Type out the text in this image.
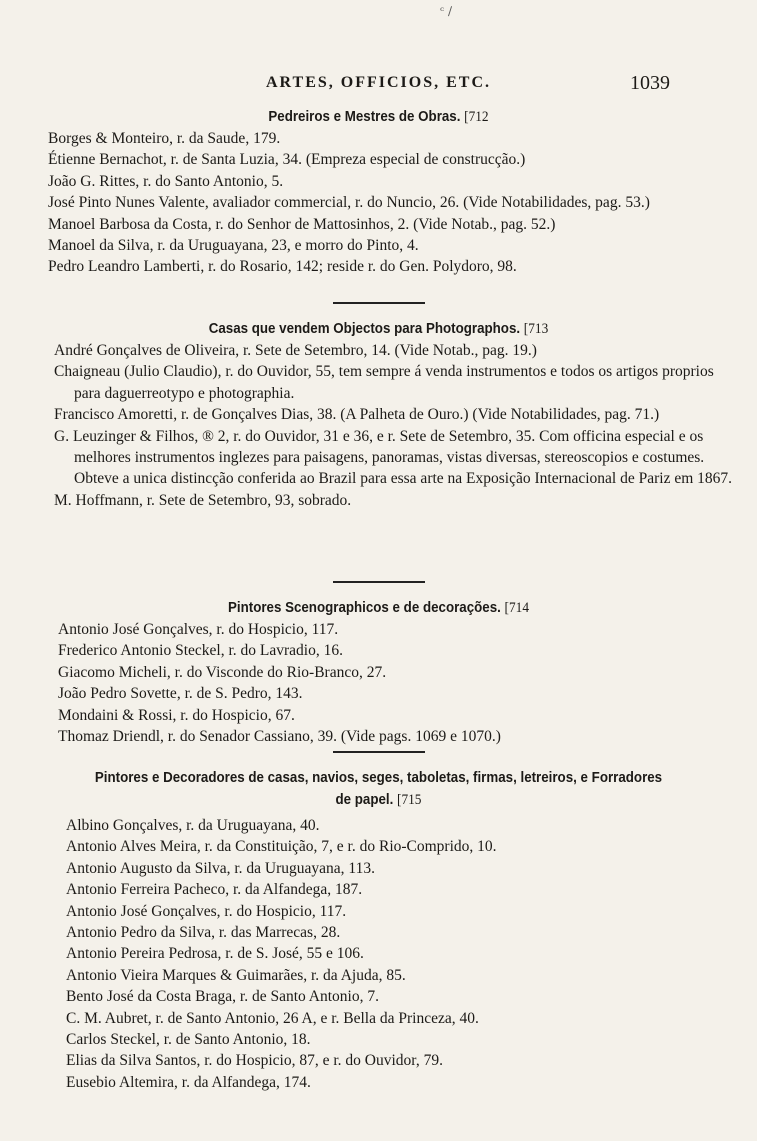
ᶜ ∕
ARTES, OFFICIOS, ETC.	1039
Pedreiros e Mestres de Obras. [712
Borges & Monteiro, r. da Saude, 179.
Étienne Bernachot, r. de Santa Luzia, 34. (Empreza especial de construcção.)
João G. Rittes, r. do Santo Antonio, 5.
José Pinto Nunes Valente, avaliador commercial, r. do Nuncio, 26. (Vide Notabilidades, pag. 53.)
Manoel Barbosa da Costa, r. do Senhor de Mattosinhos, 2. (Vide Notab., pag. 52.)
Manoel da Silva, r. da Uruguayana, 23, e morro do Pinto, 4.
Pedro Leandro Lamberti, r. do Rosario, 142; reside r. do Gen. Polydoro, 98.
Casas que vendem Objectos para Photographos. [713
André Gonçalves de Oliveira, r. Sete de Setembro, 14. (Vide Notab., pag. 19.)
Chaigneau (Julio Claudio), r. do Ouvidor, 55, tem sempre á venda instrumentos e todos os artigos proprios para daguerreotypo e photographia.
Francisco Amoretti, r. de Gonçalves Dias, 38. (A Palheta de Ouro.) (Vide Notabilidades, pag. 71.)
G. Leuzinger & Filhos, ® 2, r. do Ouvidor, 31 e 36, e r. Sete de Setembro, 35. Com officina especial e os melhores instrumentos inglezes para paisagens, panoramas, vistas diversas, stereoscopios e costumes. Obteve a unica distincção conferida ao Brazil para essa arte na Exposição Internacional de Pariz em 1867.
M. Hoffmann, r. Sete de Setembro, 93, sobrado.
Pintores Scenographicos e de decorações. [714
Antonio José Gonçalves, r. do Hospicio, 117.
Frederico Antonio Steckel, r. do Lavradio, 16.
Giacomo Micheli, r. do Visconde do Rio-Branco, 27.
João Pedro Sovette, r. de S. Pedro, 143.
Mondaini & Rossi, r. do Hospicio, 67.
Thomaz Driendl, r. do Senador Cassiano, 39. (Vide pags. 1069 e 1070.)
Pintores e Decoradores de casas, navios, seges, taboletas, firmas, letreiros, e Forradores de papel. [715
Albino Gonçalves, r. da Uruguayana, 40.
Antonio Alves Meira, r. da Constituição, 7, e r. do Rio-Comprido, 10.
Antonio Augusto da Silva, r. da Uruguayana, 113.
Antonio Ferreira Pacheco, r. da Alfandega, 187.
Antonio José Gonçalves, r. do Hospicio, 117.
Antonio Pedro da Silva, r. das Marrecas, 28.
Antonio Pereira Pedrosa, r. de S. José, 55 e 106.
Antonio Vieira Marques & Guimarães, r. da Ajuda, 85.
Bento José da Costa Braga, r. de Santo Antonio, 7.
C. M. Aubret, r. de Santo Antonio, 26 A, e r. Bella da Princeza, 40.
Carlos Steckel, r. de Santo Antonio, 18.
Elias da Silva Santos, r. do Hospicio, 87, e r. do Ouvidor, 79.
Eusebio Altemira, r. da Alfandega, 174.
